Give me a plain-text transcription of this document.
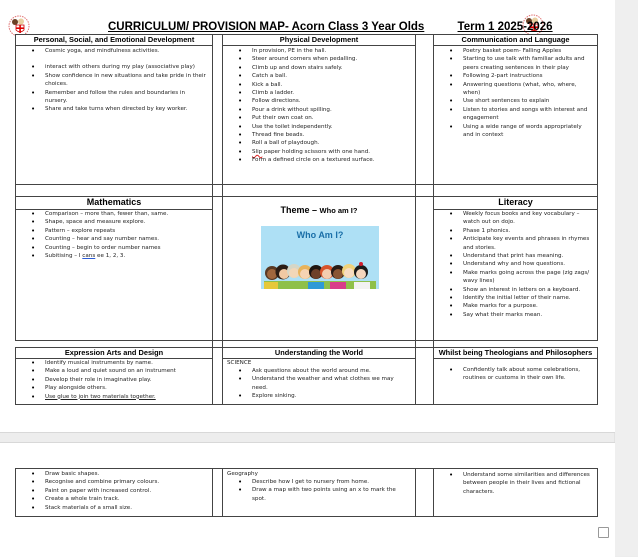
CURRICULUM/ PROVISION MAP- Acorn Class 3 Year Olds	Term 1 2025-2026
Personal, Social, and Emotional Development
• Cosmic yoga, and mindfulness activities.
• interact with others during my play (associative play)
• Show confidence in new situations and take pride in their choices.
• Remember and follow the rules and boundaries in nursery.
• Share and take turns when directed by key worker.
Physical Development
• In provision, PE in the hall.
• Steer around corners when pedalling.
• Climb up and down stairs safely.
• Catch a ball.
• Kick a ball.
• Climb a ladder.
• Follow directions.
• Pour a drink without spilling.
• Put their own coat on.
• Use the toilet independently.
• Thread fine beads.
• Roll a ball of playdough.
• Slip paper holding scissors with one hand.
• Form a defined circle on a textured surface.
Communication and Language
• Poetry basket poem- Falling Apples
• Starting to use talk with familiar adults and peers creating sentences in their play
• Following 2-part instructions
• Answering questions (what, who, where, when)
• Use short sentences to explain
• Listen to stories and songs with interest and engagement
• Using a wide range of words appropriately and in context
Mathematics
• Comparison – more than, fewer than, same.
• Shape, space and measure explore.
• Pattern – explore repeats
• Counting – hear and say number names.
• Counting – begin to order number names
• Subitising – I cans ee 1, 2, 3.
Theme – Who am I?
Who Am I?
Literacy
• Weekly focus books and key vocabulary – watch out on dojo.
• Phase 1 phonics.
• Anticipate key events and phrases in rhymes and stories.
• Understand that print has meaning.
• Understand why and how questions.
• Make marks going across the page (zig zags/ wavy lines)
• Show an interest in letters on a keyboard.
• Identify the initial letter of their name.
• Make marks for a purpose.
• Say what their marks mean.
Expression Arts and Design
• Identify musical instruments by name.
• Make a loud and quiet sound on an instrument
• Develop their role in imaginative play.
• Play alongside others.
• Use glue to join two materials together.
Understanding the World
SCIENCE
• Ask questions about the world around me.
• Understand the weather and what clothes we may need.
• Explore sinking.
Whilst being Theologians and Philosophers
• Confidently talk about some celebrations, routines or customs in their own life.
• Draw basic shapes.
• Recognise and combine primary colours.
• Paint on paper with increased control.
• Create a whole train track.
• Stack materials of a small size.
Geography
• Describe how I get to nursery from home.
• Draw a map with two points using an x to mark the spot.
• Understand some similarities and differences between people in their lives and fictional characters.
